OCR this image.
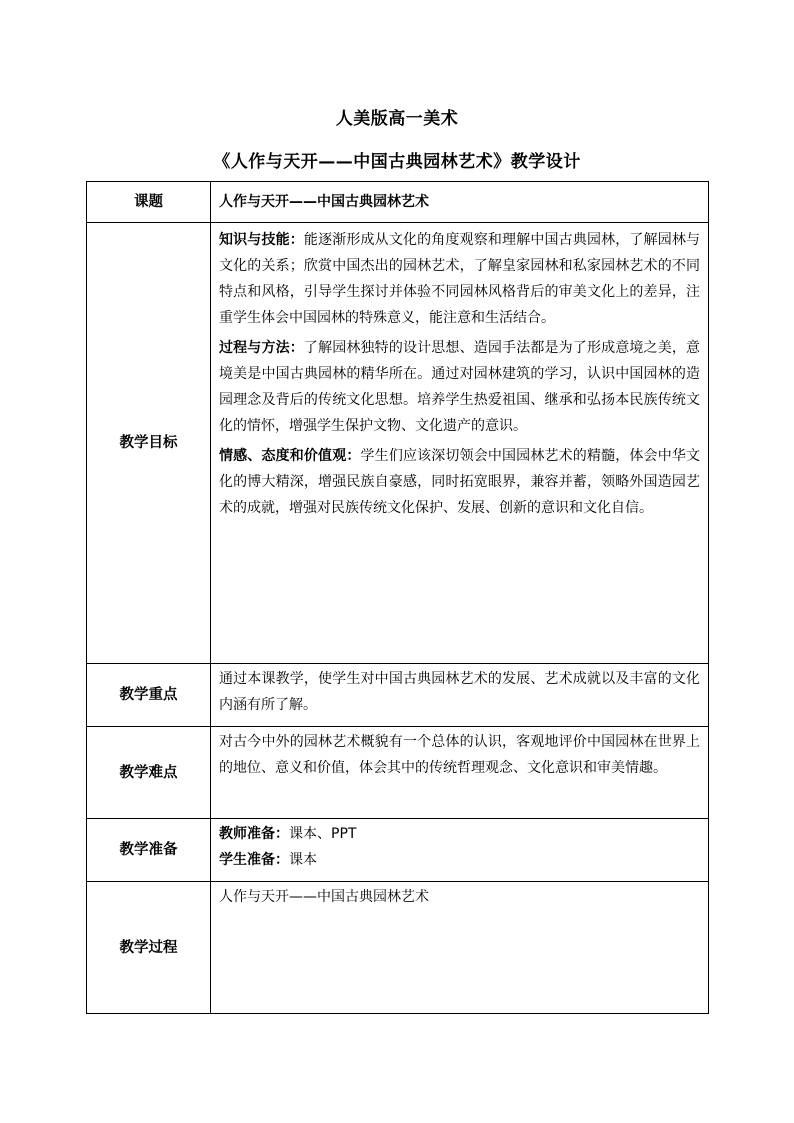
人美版高一美术
《人作与天开——中国古典园林艺术》教学设计
课题	人作与天开——中国古典园林艺术
教学目标	知识与技能：能逐渐形成从文化的角度观察和理解中国古典园林，了解园林与文化的关系；欣赏中国杰出的园林艺术，了解皇家园林和私家园林艺术的不同特点和风格，引导学生探讨并体验不同园林风格背后的审美文化上的差异，注重学生体会中国园林的特殊意义，能注意和生活结合。

过程与方法：了解园林独特的设计思想、造园手法都是为了形成意境之美，意境美是中国古典园林的精华所在。通过对园林建筑的学习，认识中国园林的造园理念及背后的传统文化思想。培养学生热爱祖国、继承和弘扬本民族传统文化的情怀，增强学生保护文物、文化遗产的意识。

情感、态度和价值观：学生们应该深切领会中国园林艺术的精髓，体会中华文化的博大精深，增强民族自豪感，同时拓宽眼界，兼容并蓄，领略外国造园艺术的成就，增强对民族传统文化保护、发展、创新的意识和文化自信。

教学重点	通过本课教学，使学生对中国古典园林艺术的发展、艺术成就以及丰富的文化内涵有所了解。
教学难点	对古今中外的园林艺术概貌有一个总体的认识，客观地评价中国园林在世界上的地位、意义和价值，体会其中的传统哲理观念、文化意识和审美情趣。
教学准备	教师准备：课本、PPT
学生准备：课本

教学过程	人作与天开——中国古典园林艺术
